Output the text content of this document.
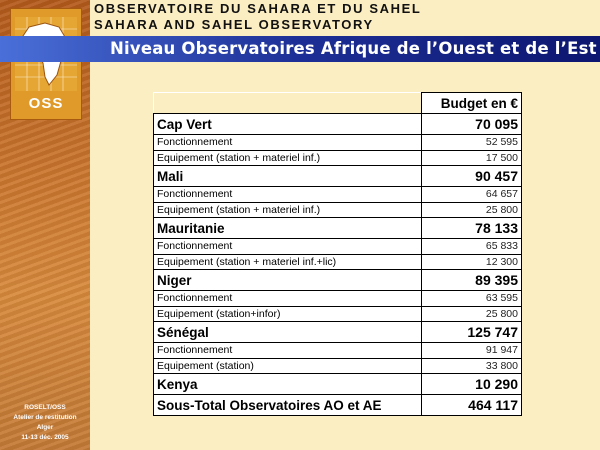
OSS
ROSELT/OSS
Atelier de restitution
Alger
11-13 déc. 2005
OBSERVATOIRE DU SAHARA ET DU SAHEL
SAHARA AND SAHEL OBSERVATORY
Niveau Observatoires Afrique de l’Ouest et de l’Est
	Budget en €
Cap Vert	70 095
Fonctionnement	52 595
Equipement (station + materiel inf.)	17 500
Mali	90 457
Fonctionnement	64 657
Equipement (station + materiel inf.)	25 800
Mauritanie	78 133
Fonctionnement	65 833
Equipement (station + materiel inf.+lic)	12 300
Niger	89 395
Fonctionnement	63 595
Equipement (station+infor)	25 800
Sénégal	125 747
Fonctionnement	91 947
Equipement (station)	33 800
Kenya	10 290
Sous-Total Observatoires AO et AE	464 117
